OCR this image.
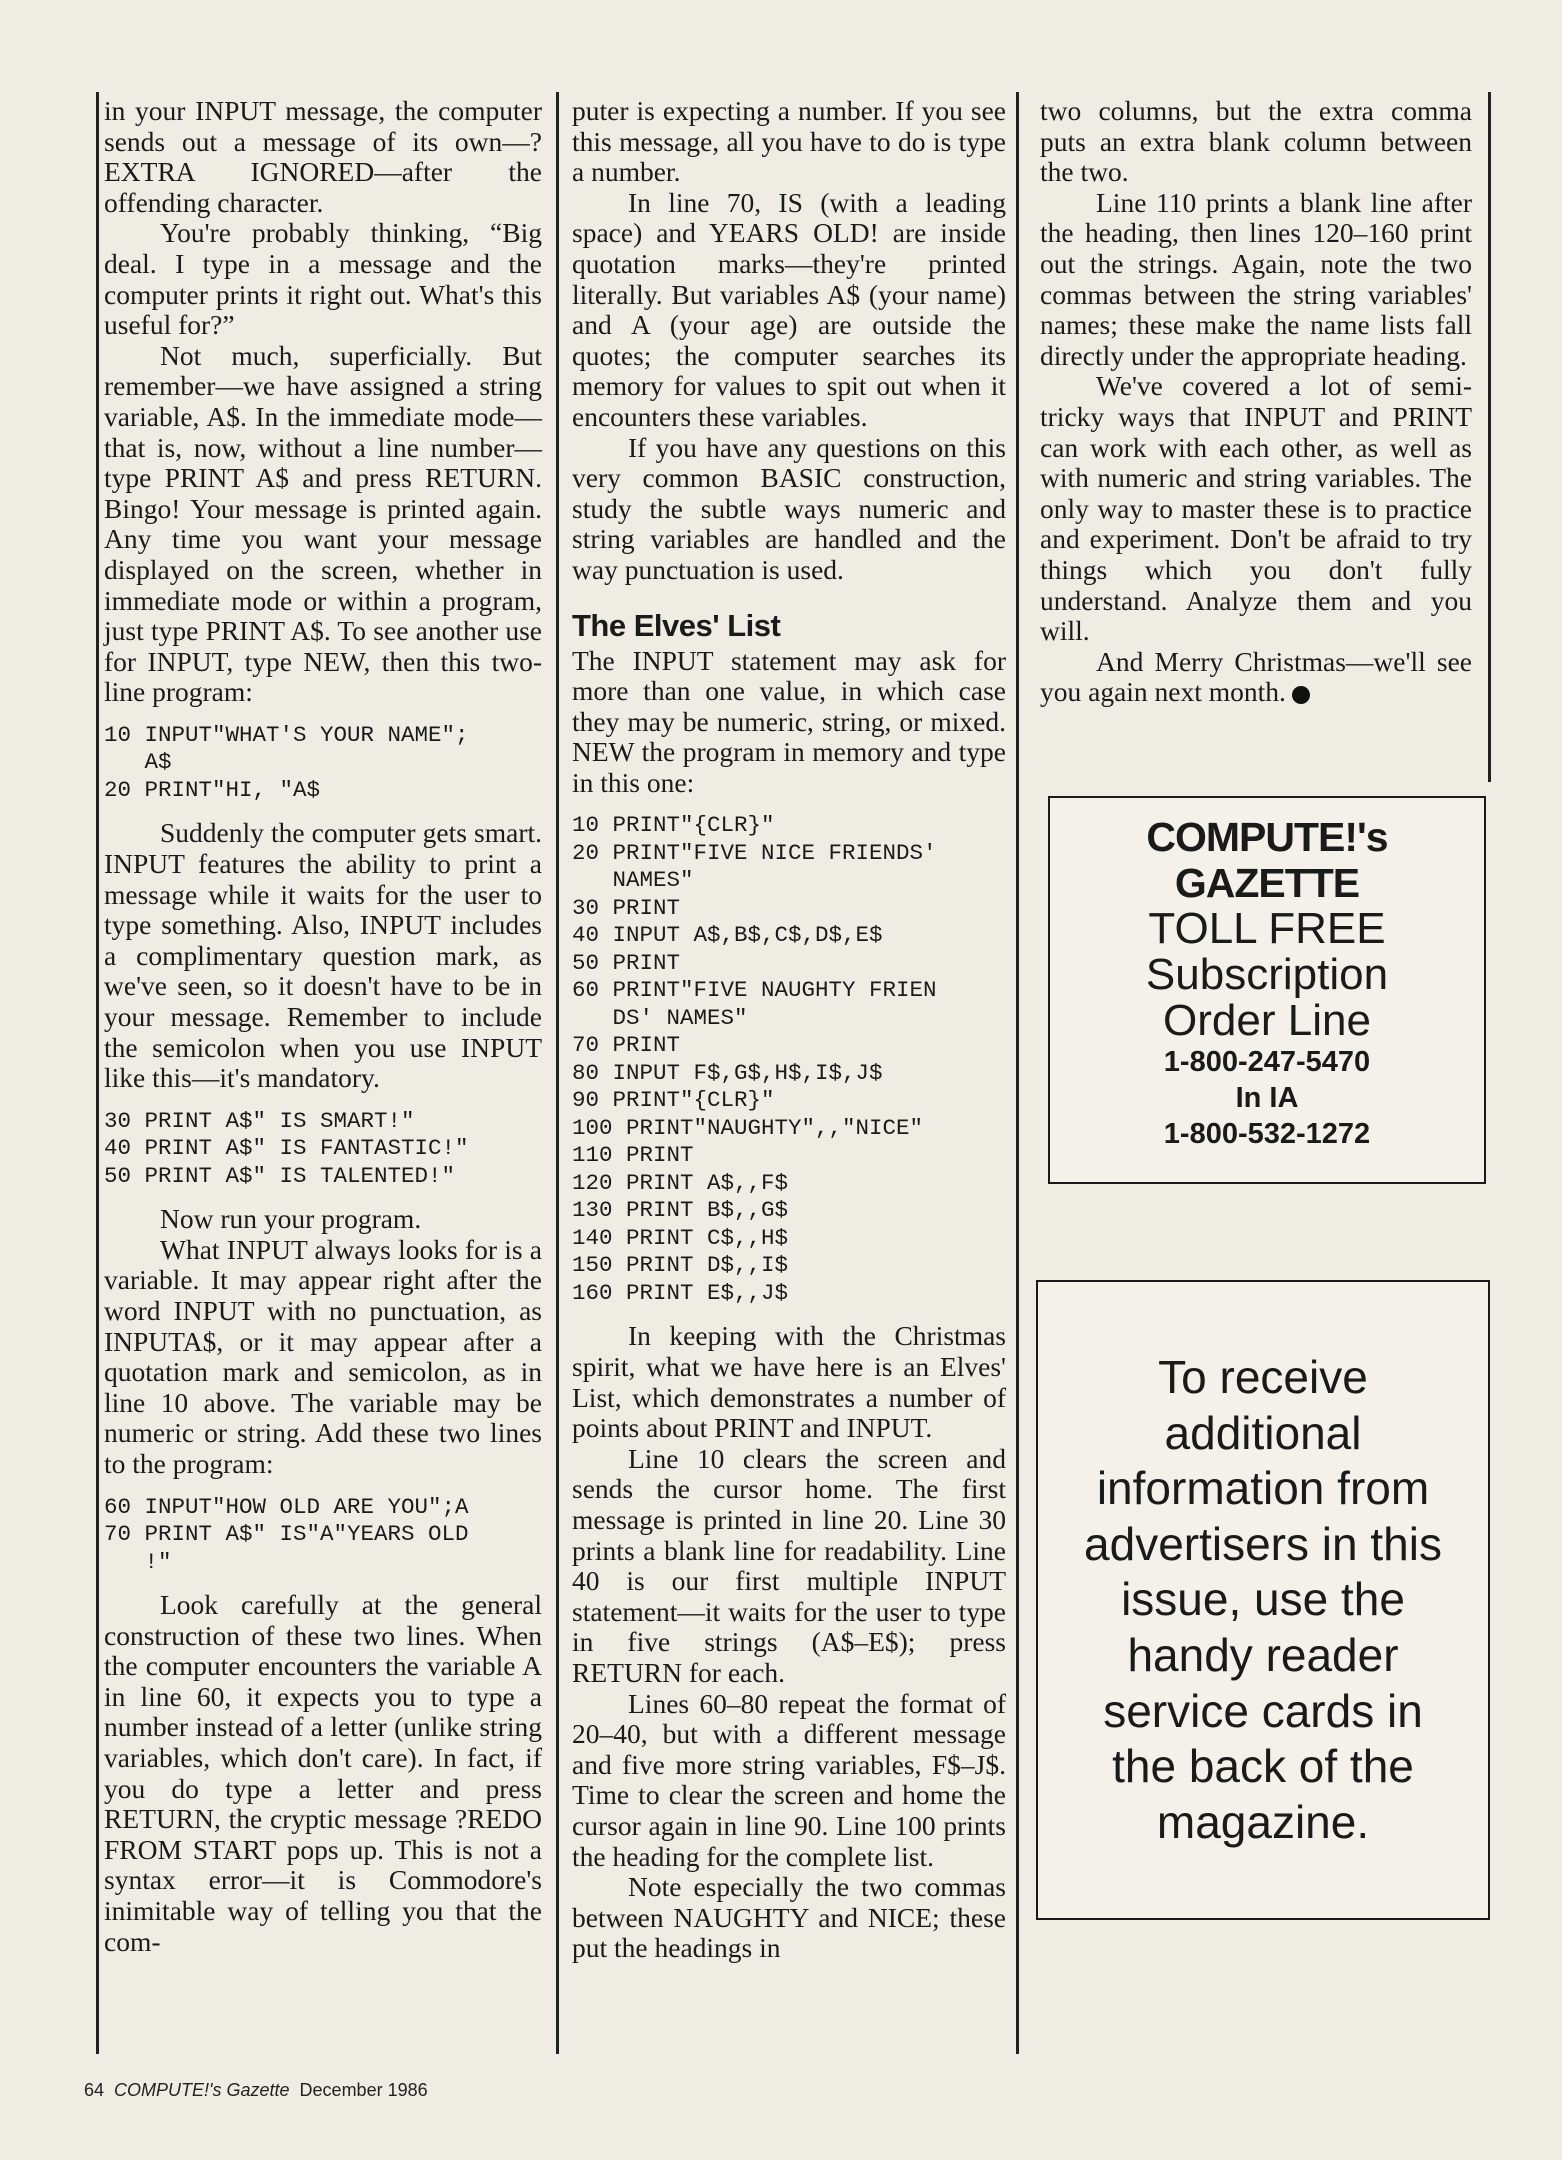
in your INPUT message, the computer sends out a message of its own—?EXTRA IGNORED—after the offending character.

You're probably thinking, “Big deal. I type in a message and the computer prints it right out. What's this useful for?”

Not much, superficially. But remember—we have assigned a string variable, A$. In the immediate mode—that is, now, without a line number—type PRINT A$ and press RETURN. Bingo! Your message is printed again. Any time you want your message displayed on the screen, whether in immediate mode or within a program, just type PRINT A$. To see another use for INPUT, type NEW, then this two-line program:

10 INPUT"WHAT'S YOUR NAME";
A$
20 PRINT"HI, "A$

Suddenly the computer gets smart. INPUT features the ability to print a message while it waits for the user to type something. Also, INPUT includes a complimentary question mark, as we've seen, so it doesn't have to be in your message. Remember to include the semicolon when you use INPUT like this—it's mandatory.

30 PRINT A$" IS SMART!"
40 PRINT A$" IS FANTASTIC!"
50 PRINT A$" IS TALENTED!"

Now run your program.

What INPUT always looks for is a variable. It may appear right after the word INPUT with no punctuation, as INPUTA$, or it may appear after a quotation mark and semicolon, as in line 10 above. The variable may be numeric or string. Add these two lines to the program:

60 INPUT"HOW OLD ARE YOU";A
70 PRINT A$" IS"A"YEARS OLD
!"

Look carefully at the general construction of these two lines. When the computer encounters the variable A in line 60, it expects you to type a number instead of a letter (unlike string variables, which don't care). In fact, if you do type a letter and press RETURN, the cryptic message ?REDO FROM START pops up. This is not a syntax error—it is Commodore's inimitable way of telling you that the com-

puter is expecting a number. If you see this message, all you have to do is type a number.

In line 70, IS (with a leading space) and YEARS OLD! are inside quotation marks—they're printed literally. But variables A$ (your name) and A (your age) are outside the quotes; the computer searches its memory for values to spit out when it encounters these variables.

If you have any questions on this very common BASIC construction, study the subtle ways numeric and string variables are handled and the way punctuation is used.

The Elves' List

The INPUT statement may ask for more than one value, in which case they may be numeric, string, or mixed. NEW the program in memory and type in this one:

10 PRINT"{CLR}"
20 PRINT"FIVE NICE FRIENDS'
NAMES"
30 PRINT
40 INPUT A$,B$,C$,D$,E$
50 PRINT
60 PRINT"FIVE NAUGHTY FRIEN
DS' NAMES"
70 PRINT
80 INPUT F$,G$,H$,I$,J$
90 PRINT"{CLR}"
100 PRINT"NAUGHTY",,"NICE"
110 PRINT
120 PRINT A$,,F$
130 PRINT B$,,G$
140 PRINT C$,,H$
150 PRINT D$,,I$
160 PRINT E$,,J$

In keeping with the Christmas spirit, what we have here is an Elves' List, which demonstrates a number of points about PRINT and INPUT.

Line 10 clears the screen and sends the cursor home. The first message is printed in line 20. Line 30 prints a blank line for readability. Line 40 is our first multiple INPUT statement—it waits for the user to type in five strings (A$–E$); press RETURN for each.

Lines 60–80 repeat the format of 20–40, but with a different message and five more string variables, F$–J$. Time to clear the screen and home the cursor again in line 90. Line 100 prints the heading for the complete list.

Note especially the two commas between NAUGHTY and NICE; these put the headings in

two columns, but the extra comma puts an extra blank column between the two.

Line 110 prints a blank line after the heading, then lines 120–160 print out the strings. Again, note the two commas between the string variables' names; these make the name lists fall directly under the appropriate heading.

We've covered a lot of semi-tricky ways that INPUT and PRINT can work with each other, as well as with numeric and string variables. The only way to master these is to practice and experiment. Don't be afraid to try things which you don't fully understand. Analyze them and you will.

And Merry Christmas—we'll see you again next month.

COMPUTE!'s
GAZETTE
TOLL FREE
Subscription
Order Line
1-800-247-5470
In IA
1-800-532-1272
To receive additional information from advertisers in this issue, use the handy reader service cards in the back of the magazine.
64 COMPUTE!'s Gazette December 1986
